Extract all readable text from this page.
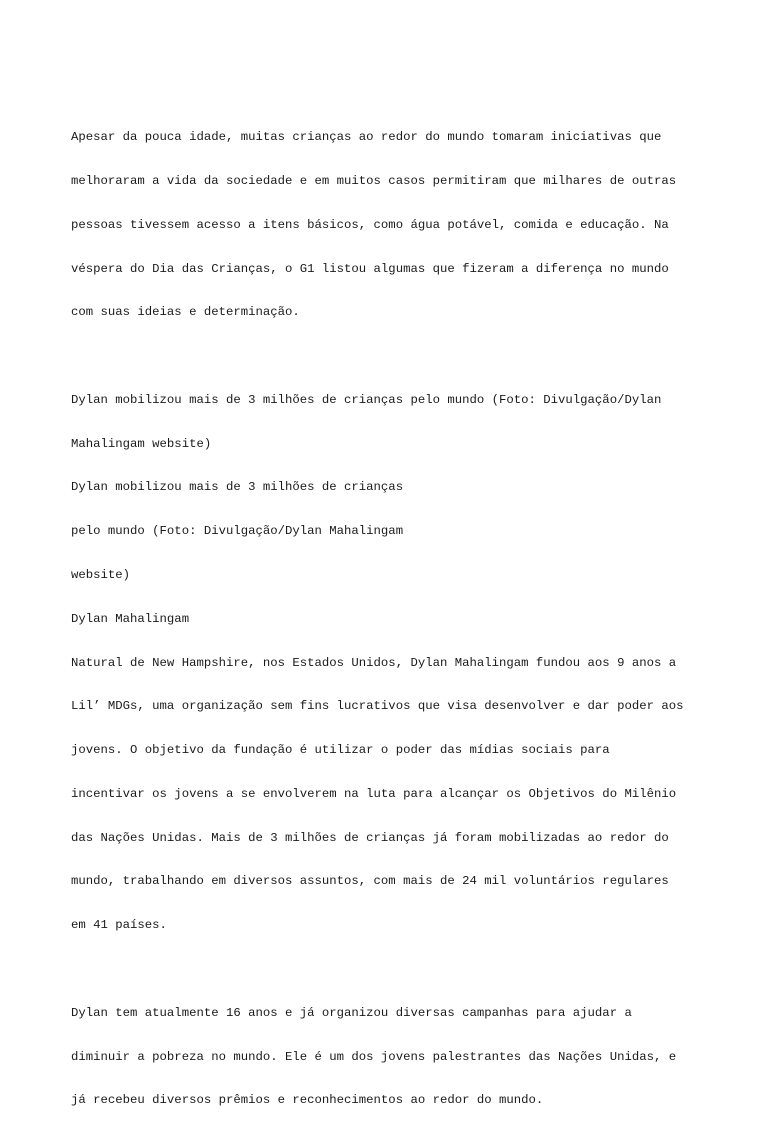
Apesar da pouca idade, muitas crianças ao redor do mundo tomaram iniciativas que

melhoraram a vida da sociedade e em muitos casos permitiram que milhares de outras

pessoas tivessem acesso a itens básicos, como água potável, comida e educação. Na

véspera do Dia das Crianças, o G1 listou algumas que fizeram a diferença no mundo

com suas ideias e determinação.

Dylan mobilizou mais de 3 milhões de crianças pelo mundo (Foto: Divulgação/Dylan

Mahalingam website)

Dylan mobilizou mais de 3 milhões de crianças

pelo mundo (Foto: Divulgação/Dylan Mahalingam

website)

Dylan Mahalingam

Natural de New Hampshire, nos Estados Unidos, Dylan Mahalingam fundou aos 9 anos a

Lil’ MDGs, uma organização sem fins lucrativos que visa desenvolver e dar poder aos

jovens. O objetivo da fundação é utilizar o poder das mídias sociais para

incentivar os jovens a se envolverem na luta para alcançar os Objetivos do Milênio

das Nações Unidas. Mais de 3 milhões de crianças já foram mobilizadas ao redor do

mundo, trabalhando em diversos assuntos, com mais de 24 mil voluntários regulares

em 41 países.

Dylan tem atualmente 16 anos e já organizou diversas campanhas para ajudar a

diminuir a pobreza no mundo. Ele é um dos jovens palestrantes das Nações Unidas, e

já recebeu diversos prêmios e reconhecimentos ao redor do mundo.
